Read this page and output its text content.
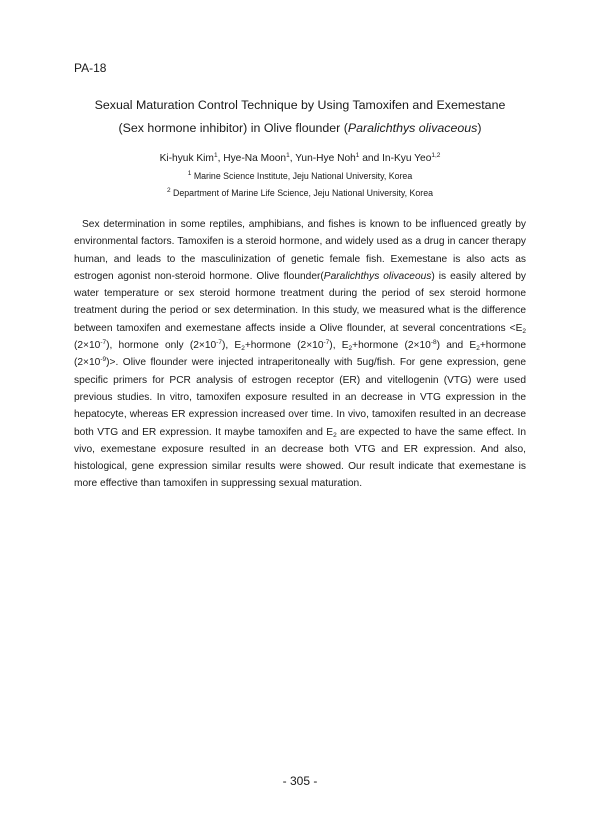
PA-18
Sexual Maturation Control Technique by Using Tamoxifen and Exemestane
(Sex hormone inhibitor) in Olive flounder (Paralichthys olivaceous)
Ki-hyuk Kim$^1$, Hye-Na Moon$^1$, Yun-Hye Noh$^1$ and In-Kyu Yeo$^{1,2}$
$^1$ Marine Science Institute, Jeju National University, Korea
$^2$ Department of Marine Life Science, Jeju National University, Korea

Sex determination in some reptiles, amphibians, and fishes is known to be influenced greatly by environmental factors. Tamoxifen is a steroid hormone, and widely used as a drug in cancer therapy human, and leads to the masculinization of genetic female fish. Exemestane is also acts as estrogen agonist non-steroid hormone. Olive flounder(Paralichthys olivaceous) is easily altered by water temperature or sex steroid hormone treatment during the period of sex steroid hormone treatment during the period or sex determination. In this study, we measured what is the difference between tamoxifen and exemestane affects inside a Olive flounder, at several concentrations $<E_2$ $(2\times 10^{-7})$, hormone only $(2\times 10^{-7})$, $E_2+hormone$ $(2\times 10^{-7})$, $E_2+hormone$ $(2\times 10^{-8})$ and $E_2+hormone$ $(2\times 10^{-9})>$. Olive flounder were injected intraperitoneally with 5ug/fish. For gene expression, gene specific primers for PCR analysis of estrogen receptor (ER) and vitellogenin (VTG) were used previous studies. In vitro, tamoxifen exposure resulted in an decrease in VTG expression in the hepatocyte, whereas ER expression increased over time. In vivo, tamoxifen resulted in an decrease both VTG and ER expression. It maybe tamoxifen and $E_2$ are expected to have the same effect. In vivo, exemestane exposure resulted in an decrease both VTG and ER expression. And also, histological, gene expression similar results were showed. Our result indicate that exemestane is more effective than tamoxifen in suppressing sexual maturation.

- 305 -
